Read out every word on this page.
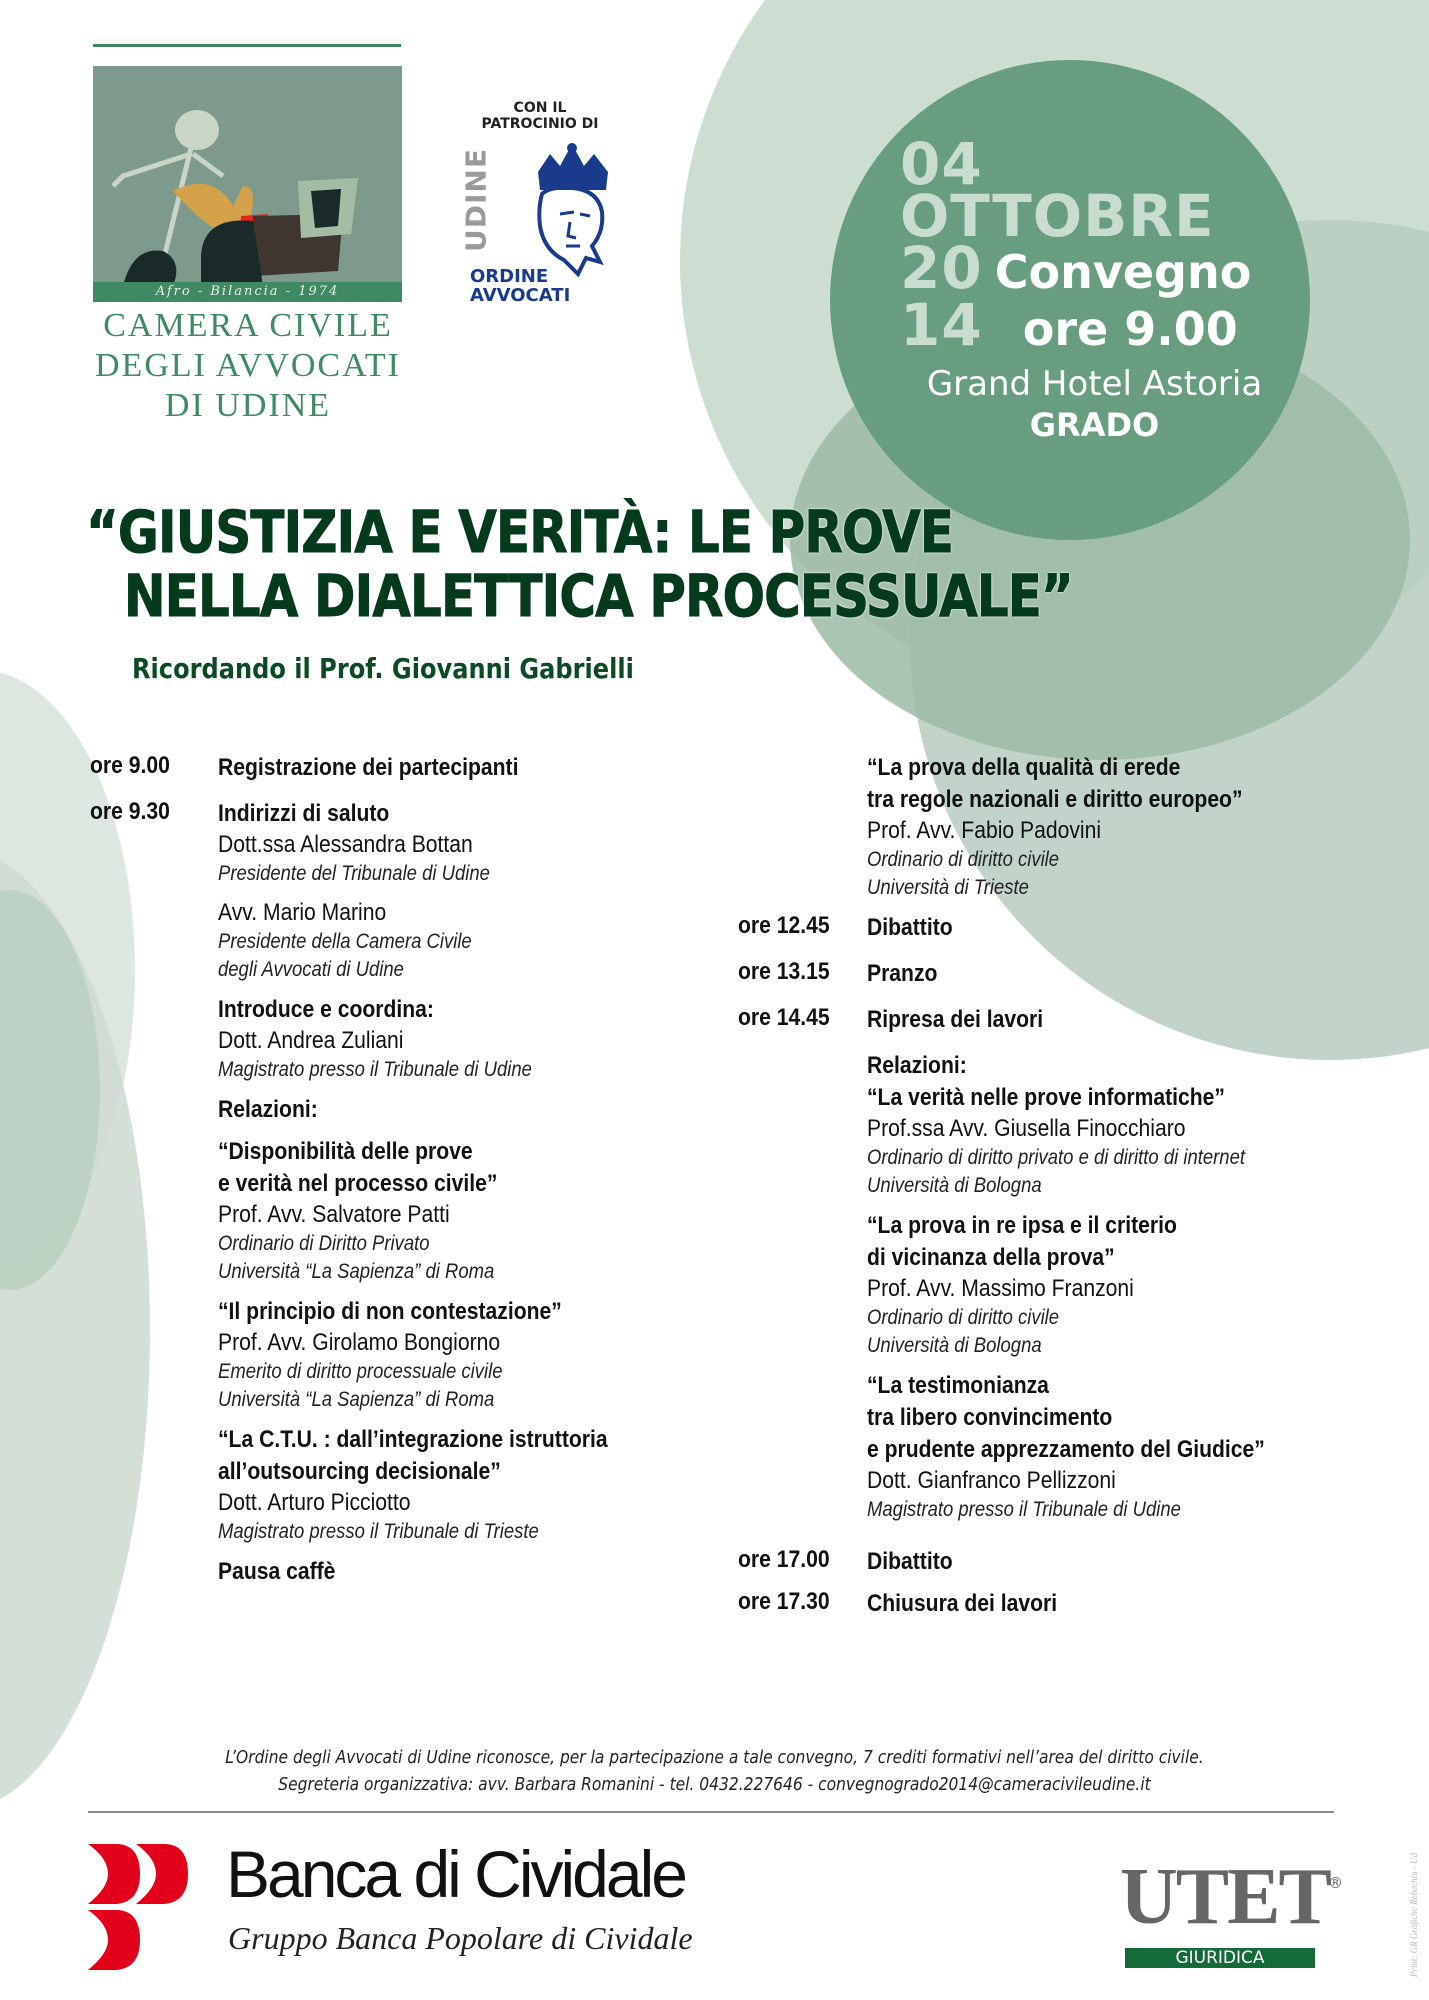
Afro - Bilancia - 1974
CAMERA CIVILE
DEGLI AVVOCATI
DI UDINE
CON IL
PATROCINIO DI
UDINE
ORDINE
AVVOCATI
04
OTTOBRE
20 Convegno
14 ore 9.00
Grand Hotel Astoria
GRADO
“GIUSTIZIA E VERITÀ: LE PROVE
NELLA DIALETTICA PROCESSUALE”
Ricordando il Prof. Giovanni Gabrielli
ore 9.00 Registrazione dei partecipanti
ore 9.30 Indirizzi di saluto
Dott.ssa Alessandra Bottan
Presidente del Tribunale di Udine
Avv. Mario Marino
Presidente della Camera Civile
degli Avvocati di Udine
Introduce e coordina:
Dott. Andrea Zuliani
Magistrato presso il Tribunale di Udine
Relazioni:
“Disponibilità delle prove
e verità nel processo civile”
Prof. Avv. Salvatore Patti
Ordinario di Diritto Privato
Università “La Sapienza” di Roma
“Il principio di non contestazione”
Prof. Avv. Girolamo Bongiorno
Emerito di diritto processuale civile
Università “La Sapienza” di Roma
“La C.T.U. : dall’integrazione istruttoria
all’outsourcing decisionale”
Dott. Arturo Picciotto
Magistrato presso il Tribunale di Trieste
Pausa caffè
“La prova della qualità di erede
tra regole nazionali e diritto europeo”
Prof. Avv. Fabio Padovini
Ordinario di diritto civile
Università di Trieste
ore 12.45 Dibattito
ore 13.15 Pranzo
ore 14.45 Ripresa dei lavori
Relazioni:
“La verità nelle prove informatiche”
Prof.ssa Avv. Giusella Finocchiaro
Ordinario di diritto privato e di diritto di internet
Università di Bologna
“La prova in re ipsa e il criterio
di vicinanza della prova”
Prof. Avv. Massimo Franzoni
Ordinario di diritto civile
Università di Bologna
“La testimonianza
tra libero convincimento
e prudente apprezzamento del Giudice”
Dott. Gianfranco Pellizzoni
Magistrato presso il Tribunale di Udine
ore 17.00 Dibattito
ore 17.30 Chiusura dei lavori
L’Ordine degli Avvocati di Udine riconosce, per la partecipazione a tale convegno, 7 crediti formativi nell’area del diritto civile.
Segreteria organizzativa: avv. Barbara Romanini - tel. 0432.227646 - convegnogrado2014@cameracivileudine.it
Banca di Cividale
Gruppo Banca Popolare di Cividale	UTET
®
GIURIDICA	Print: GR Grafiche Rebechin - Ud
